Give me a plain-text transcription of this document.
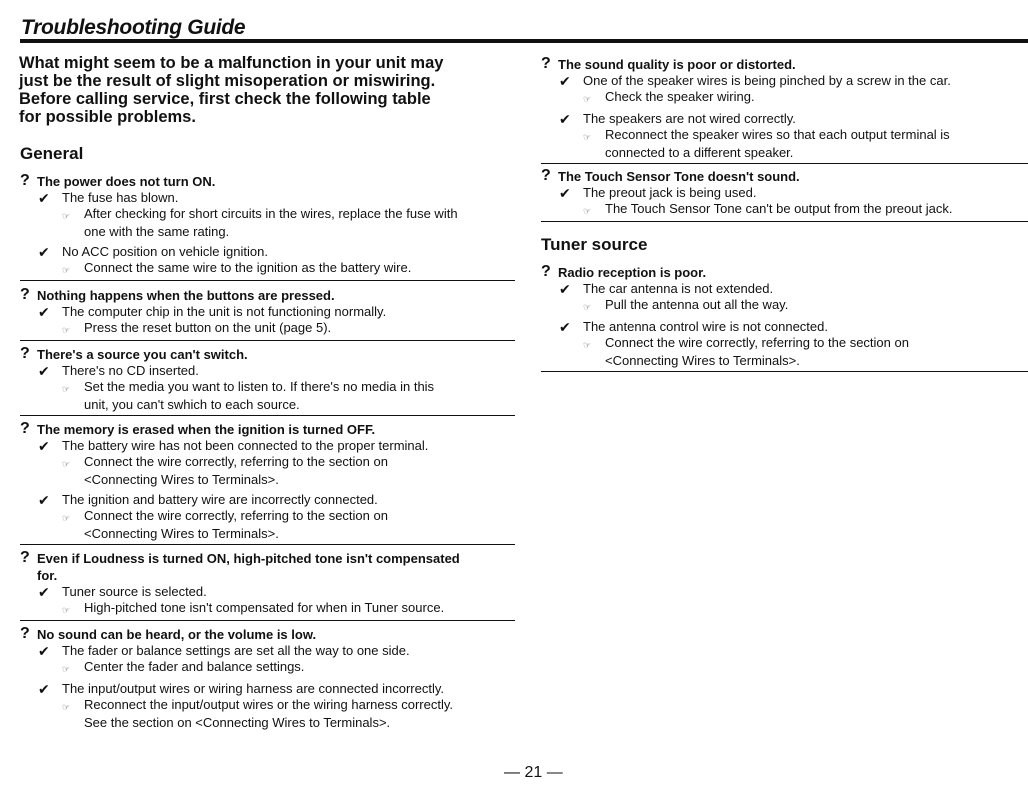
Troubleshooting Guide
What might seem to be a malfunction in your unit may
just be the result of slight misoperation or miswiring.
Before calling service, first check the following table
for possible problems.
General
? The power does not turn ON.
✔ The fuse has blown.
☞	After checking for short circuits in the wires, replace the fuse with
one with the same rating.
✔ No ACC position on vehicle ignition.
☞	Connect the same wire to the ignition as the battery wire.
? Nothing happens when the buttons are pressed.
✔ The computer chip in the unit is not functioning normally.
☞	Press the reset button on the unit (page 5).
? There's a source you can't switch.
✔ There's no CD inserted.
☞	Set the media you want to listen to. If there's no media in this
unit, you can't swhich to each source.
? The memory is erased when the ignition is turned OFF.
✔ The battery wire has not been connected to the proper terminal.
☞	Connect the wire correctly, referring to the section on
<Connecting Wires to Terminals>.
✔ The ignition and battery wire are incorrectly connected.
☞	Connect the wire correctly, referring to the section on
<Connecting Wires to Terminals>.
? Even if Loudness is turned ON, high-pitched tone isn't compensated
for.
✔ Tuner source is selected.
☞	High-pitched tone isn't compensated for when in Tuner source.
? No sound can be heard, or the volume is low.
✔ The fader or balance settings are set all the way to one side.
☞	Center the fader and balance settings.
✔ The input/output wires or wiring harness are connected incorrectly.
☞	Reconnect the input/output wires or the wiring harness correctly.
See the section on <Connecting Wires to Terminals>.
? The sound quality is poor or distorted.
✔ One of the speaker wires is being pinched by a screw in the car.
☞	Check the speaker wiring.
✔ The speakers are not wired correctly.
☞	Reconnect the speaker wires so that each output terminal is
connected to a different speaker.
? The Touch Sensor Tone doesn't sound.
✔ The preout jack is being used.
☞	The Touch Sensor Tone can't be output from the preout jack.
Tuner source
? Radio reception is poor.
✔ The car antenna is not extended.
☞	Pull the antenna out all the way.
✔ The antenna control wire is not connected.
☞	Connect the wire correctly, referring to the section on
<Connecting Wires to Terminals>.
— 21 —
